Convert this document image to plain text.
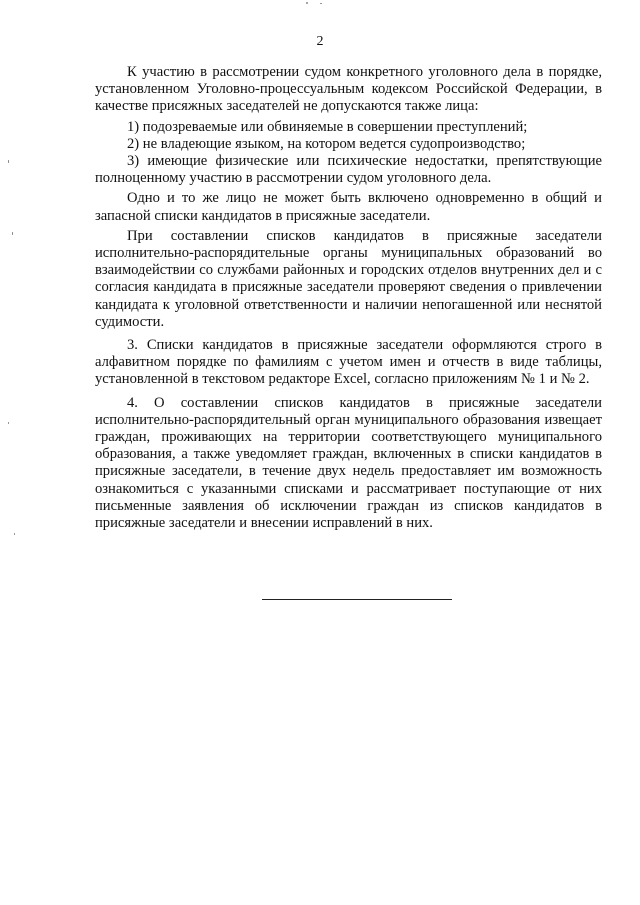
2

К участию в рассмотрении судом конкретного уголовного дела в порядке, установленном Уголовно-процессуальным кодексом Российской Федерации, в качестве присяжных заседателей не допускаются также лица:

1) подозреваемые или обвиняемые в совершении преступлений;

2) не владеющие языком, на котором ведется судопроизводство;

3) имеющие физические или психические недостатки, препятствующие полноценному участию в рассмотрении судом уголовного дела.

Одно и то же лицо не может быть включено одновременно в общий и запасной списки кандидатов в присяжные заседатели.

При составлении списков кандидатов в присяжные заседатели исполнительно-распорядительные органы муниципальных образований во взаимодействии со службами районных и городских отделов внутренних дел и с согласия кандидата в присяжные заседатели проверяют сведения о привлечении кандидата к уголовной ответственности и наличии непогашенной или неснятой судимости.

3. Списки кандидатов в присяжные заседатели оформляются строго в алфавитном порядке по фамилиям с учетом имен и отчеств в виде таблицы, установленной в текстовом редакторе Excel, согласно приложениям № 1 и № 2.

4. О составлении списков кандидатов в присяжные заседатели исполнительно-распорядительный орган муниципального образования извещает граждан, проживающих на территории соответствующего муниципального образования, а также уведомляет граждан, включенных в списки кандидатов в присяжные заседатели, в течение двух недель предоставляет им возможность ознакомиться с указанными списками и рассматривает поступающие от них письменные заявления об исключении граждан из списков кандидатов в присяжные заседатели и внесении исправлений в них.
